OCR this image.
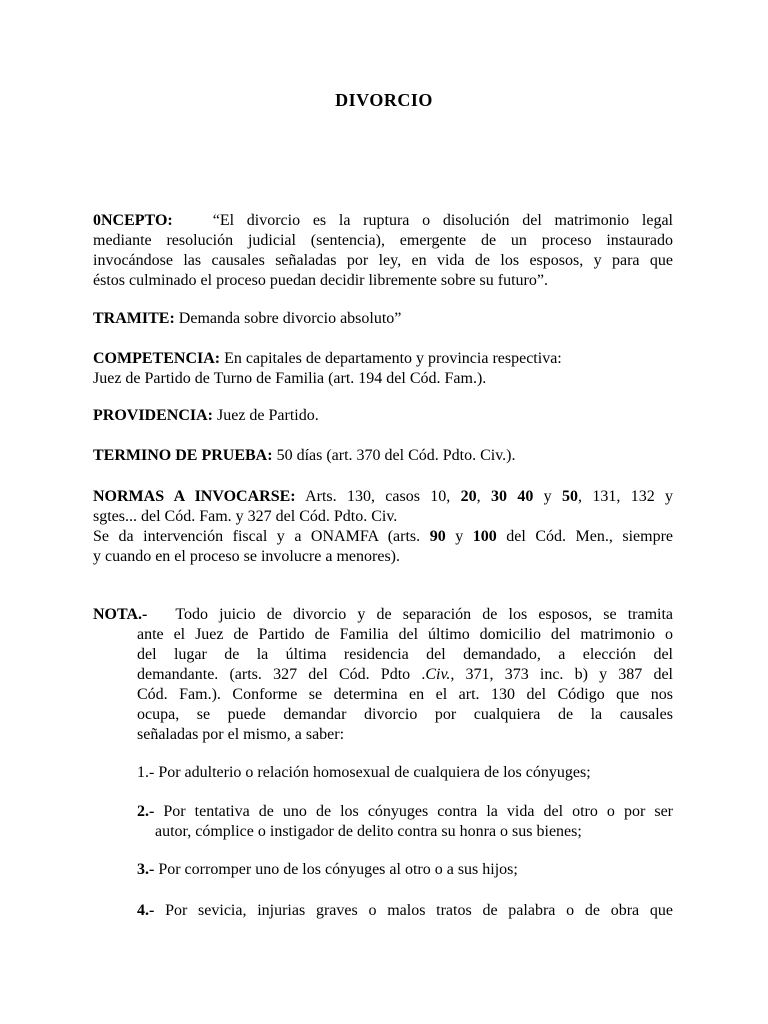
DIVORCIO

0NCEPTO:	“El divorcio es la ruptura o disolución del matrimonio legal

mediante resolución judicial (sentencia), emergente de un proceso instaurado

invocándose las causales señaladas por ley, en vida de los esposos, y para que

éstos culminado el proceso puedan decidir libremente sobre su futuro”.

TRAMITE: Demanda sobre divorcio absoluto”

COMPETENCIA: En capitales de departamento y provincia respectiva:

Juez de Partido de Turno de Familia (art. 194 del Cód. Fam.).

PROVIDENCIA: Juez de Partido.

TERMINO DE PRUEBA: 50 días (art. 370 del Cód. Pdto. Civ.).

NORMAS A INVOCARSE: Arts. 130, casos 10, 20, 30 40 y 50, 131, 132 y

sgtes... del Cód. Fam. y 327 del Cód. Pdto. Civ.

Se da intervención fiscal y a ONAMFA (arts. 90 y 100 del Cód. Men., siempre

y cuando en el proceso se involucre a menores).

NOTA.- Todo juicio de divorcio y de separación de los esposos, se tramita

ante el Juez de Partido de Familia del último domicilio del matrimonio o

del lugar de la última residencia del demandado, a elección del

demandante. (arts. 327 del Cód. Pdto .Civ., 371, 373 inc. b) y 387 del

Cód. Fam.). Conforme se determina en el art. 130 del Código que nos

ocupa, se puede demandar divorcio por cualquiera de la causales

señaladas por el mismo, a saber:

1.- Por adulterio o relación homosexual de cualquiera de los cónyuges;

2.- Por tentativa de uno de los cónyuges contra la vida del otro o por ser

autor, cómplice o instigador de delito contra su honra o sus bienes;

3.- Por corromper uno de los cónyuges al otro o a sus hijos;

4.- Por sevicia, injurias graves o malos tratos de palabra o de obra que
